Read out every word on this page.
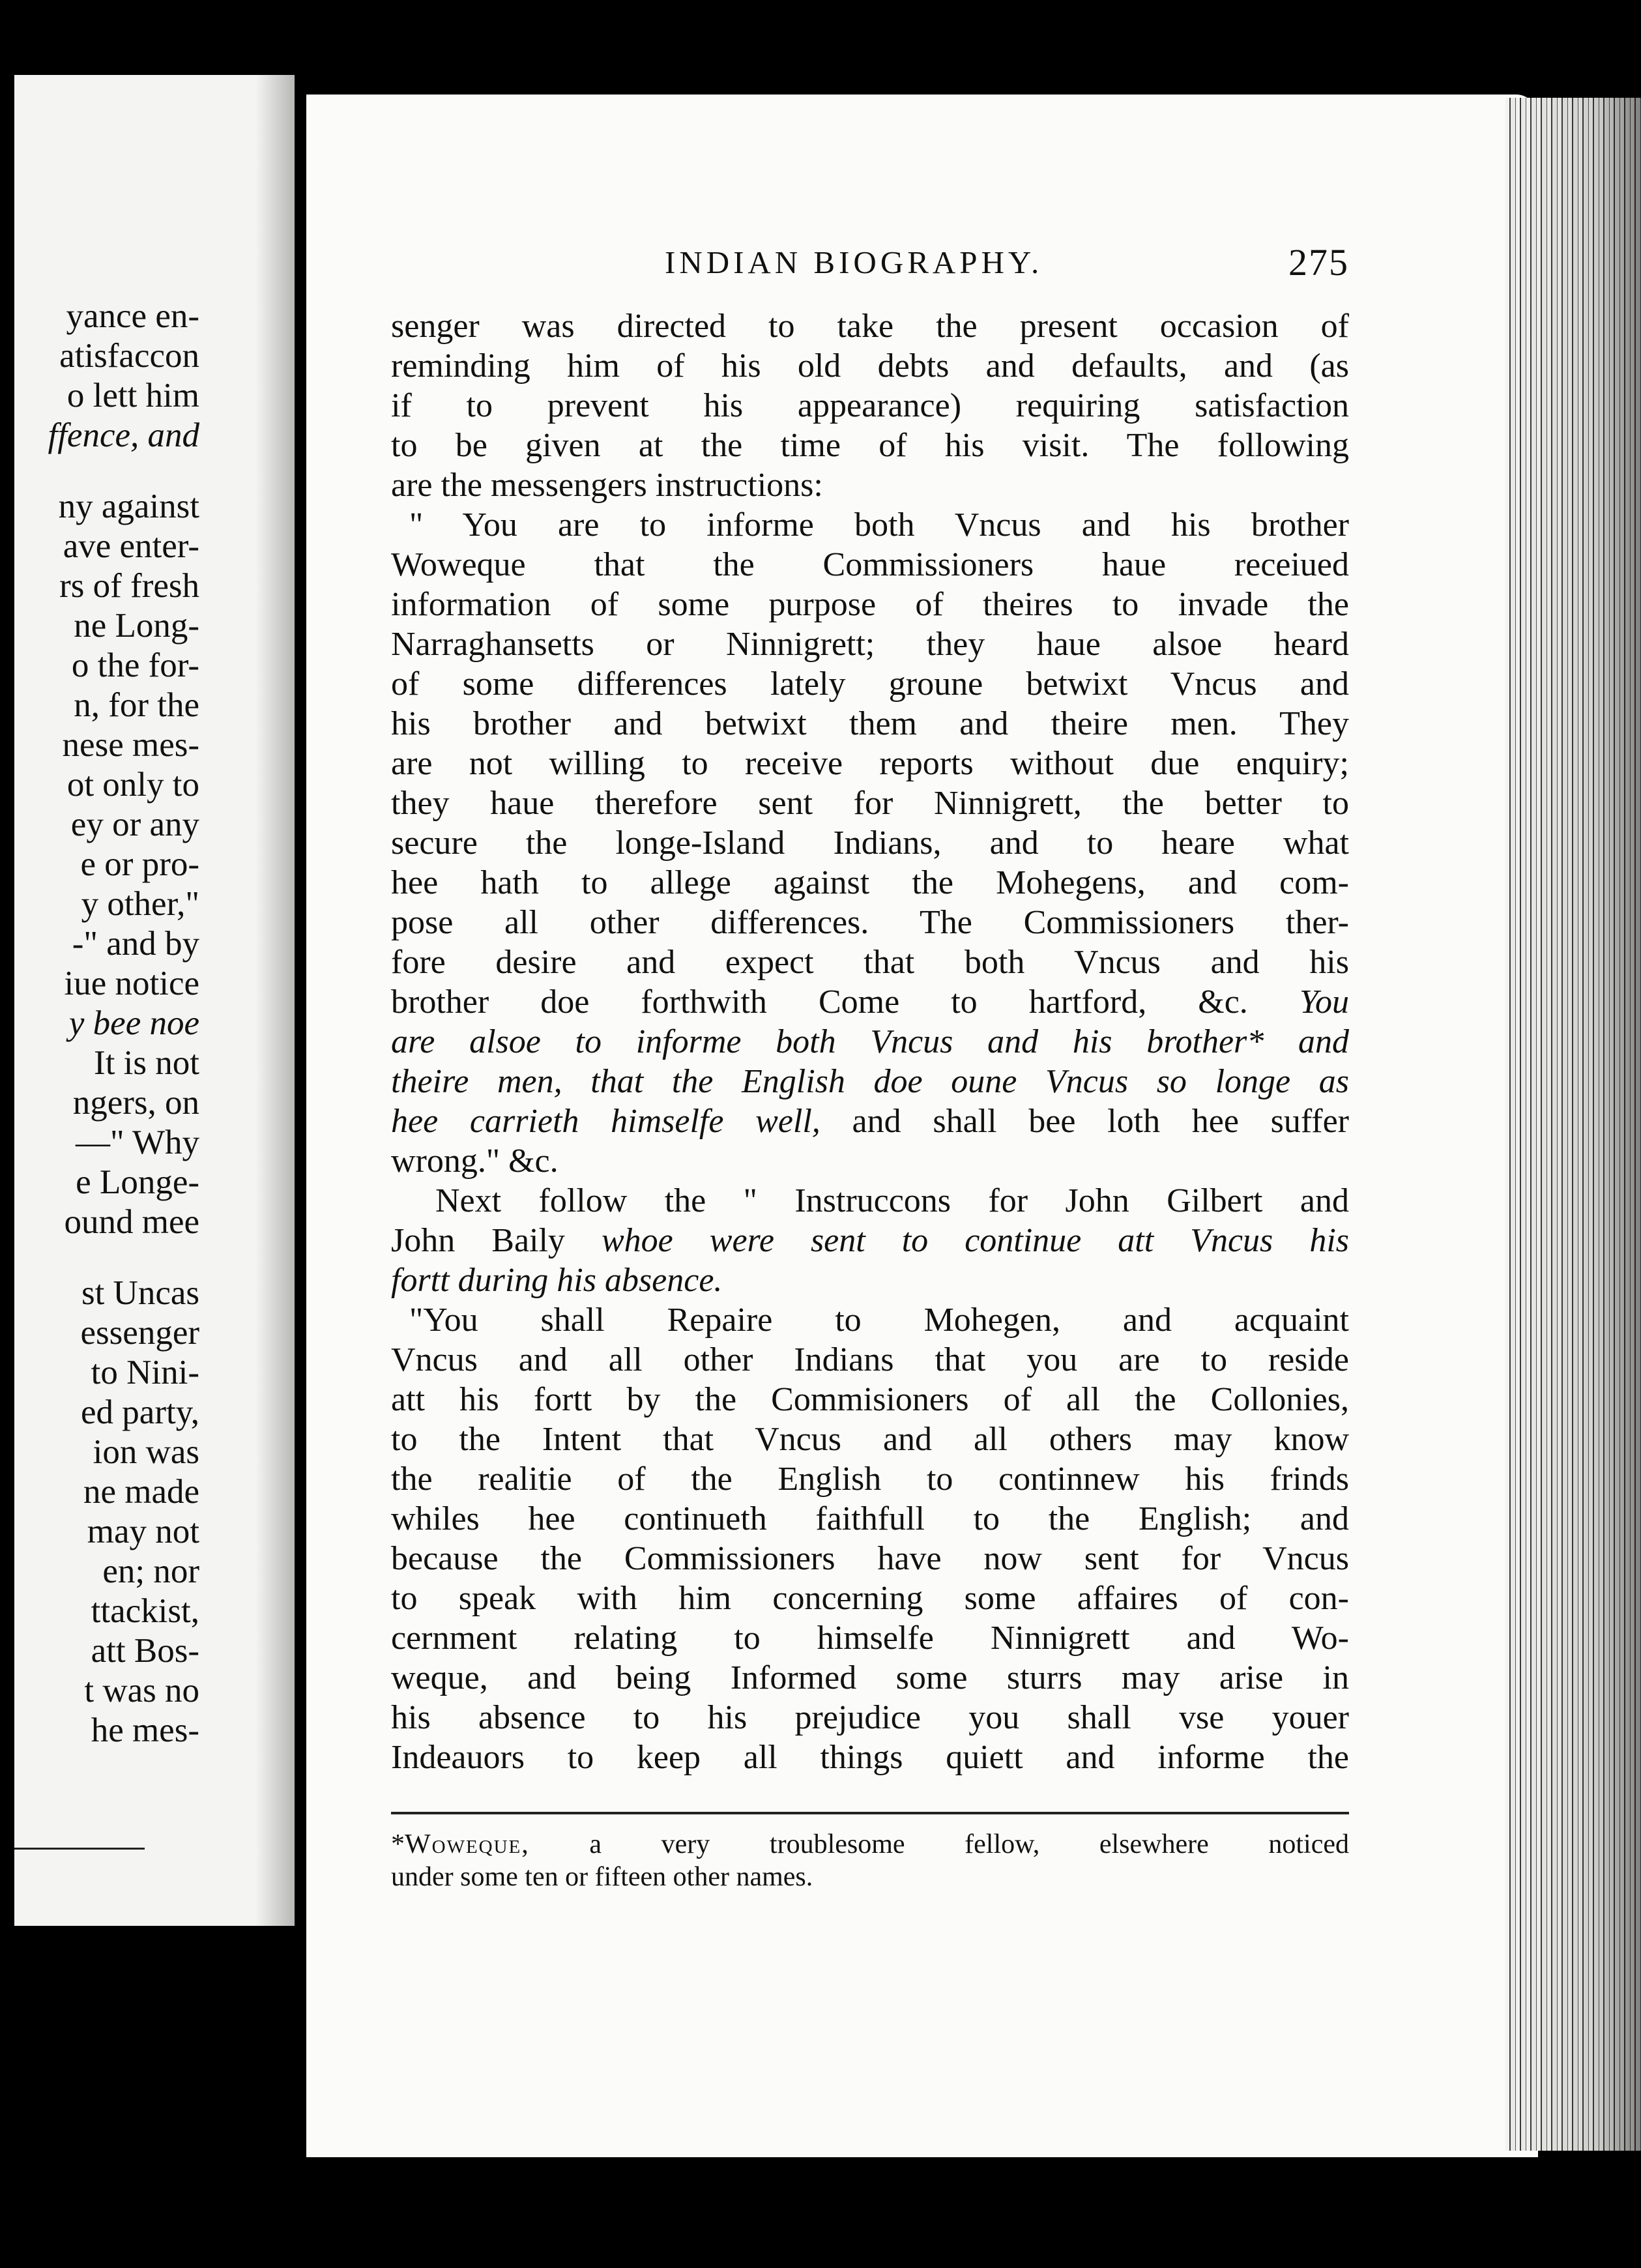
yance en-
atisfaccon
o lett him
ffence, and
ny against
ave enter-
rs of fresh
ne Long-
o the for-
n, for the
nese mes-
ot only to
ey or any
e or pro-
y other,"
-" and by
iue notice
y bee noe
It is not
ngers, on
—" Why
e Longe-
ound mee
st Uncas
essenger
to Nini-
ed party,
ion was
ne made
may not
en; nor
ttackist,
att Bos-
t was no
he mes-
INDIAN BIOGRAPHY.	275
senger was directed to take the present occasion of
reminding him of his old debts and defaults, and (as
if to prevent his appearance) requiring satisfaction
to be given at the time of his visit. The following
are the messengers instructions:
" You are to informe both Vncus and his brother
Woweque that the Commissioners haue receiued
information of some purpose of theires to invade the
Narraghansetts or Ninnigrett; they haue alsoe heard
of some differences lately groune betwixt Vncus and
his brother and betwixt them and theire men. They
are not willing to receive reports without due enquiry;
they haue therefore sent for Ninnigrett, the better to
secure the longe-Island Indians, and to heare what
hee hath to allege against the Mohegens, and com-
pose all other differences. The Commissioners ther-
fore desire and expect that both Vncus and his
brother doe forthwith Come to hartford, &c. You
are alsoe to informe both Vncus and his brother* and
theire men, that the English doe oune Vncus so longe as
hee carrieth himselfe well, and shall bee loth hee suffer
wrong." &c.
Next follow the " Instruccons for John Gilbert and
John Baily whoe were sent to continue att Vncus his
fortt during his absence.
"You shall Repaire to Mohegen, and acquaint
Vncus and all other Indians that you are to reside
att his fortt by the Commisioners of all the Collonies,
to the Intent that Vncus and all others may know
the realitie of the English to continnew his frinds
whiles hee continueth faithfull to the English; and
because the Commissioners have now sent for Vncus
to speak with him concerning some affaires of con-
cernment relating to himselfe Ninnigrett and Wo-
weque, and being Informed some sturrs may arise in
his absence to his prejudice you shall vse youer
Indeauors to keep all things quiett and informe the
*Woweque, a very troublesome fellow, elsewhere noticed
under some ten or fifteen other names.
